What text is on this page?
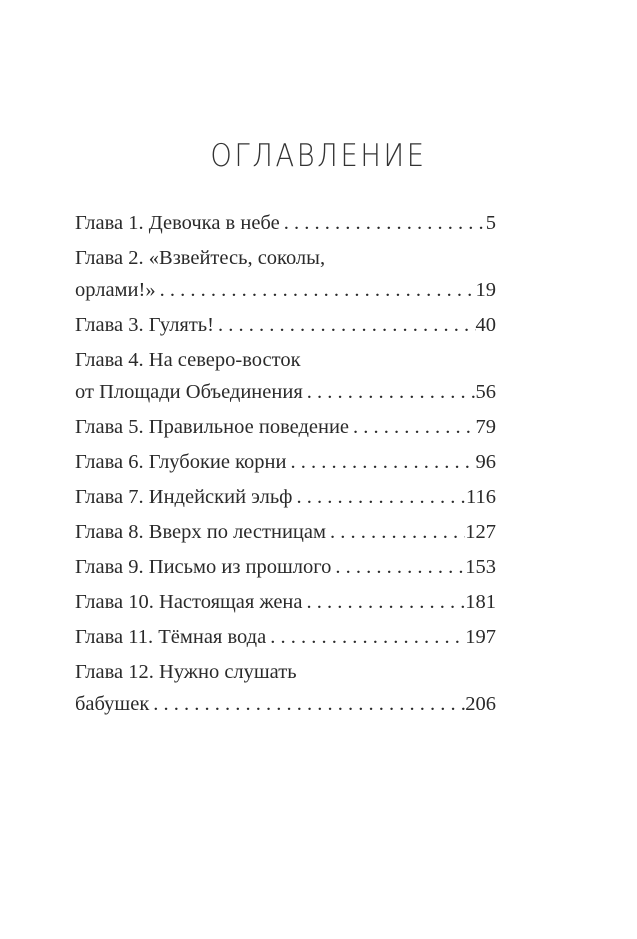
ОГЛАВЛЕНИЕ
Глава 1. Девочка в небе . . .	5
Глава 2. «Взвейтесь, соколы,
орлами!» . . .	19
Глава 3. Гулять! . . .	40
Глава 4. На северо-восток
от Площади Объединения . . .	56
Глава 5. Правильное поведение . . .	79
Глава 6. Глубокие корни . . .	96
Глава 7. Индейский эльф . . .	116
Глава 8. Вверх по лестницам . . .	127
Глава 9. Письмо из прошлого . . .	153
Глава 10. Настоящая жена . . .	181
Глава 11. Тёмная вода . . .	197
Глава 12. Нужно слушать
бабушек . . .	206
